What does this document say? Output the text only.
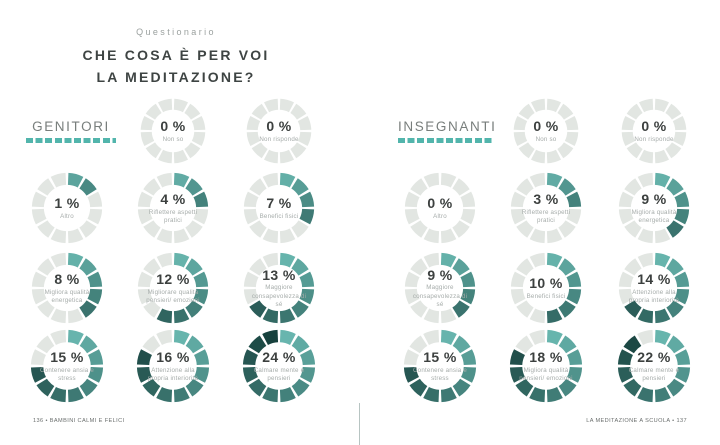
Questionario
CHE COSA È PER VOI
LA MEDITAZIONE?
GENITORI	INSEGNANTI
0 %
Non so
0 %
Non risponde
1 %
Altro
4 %
Riflettere aspetti pratici
7 %
Benefici fisici
8 %
Migliora qualità energetica
12 %
Migliorare qualità pensieri/ emozioni
13 %
Maggiore consapevolezza di sé
15 %
Contenere ansia e stress
16 %
Attenzione alla propria interiorità
24 %
Calmare mente e pensieri
0 %
Non so
0 %
Non risponde
0 %
Altro
3 %
Riflettere aspetti pratici
9 %
Migliora qualità energetica
9 %
Maggiore consapevolezza di sé
10 %
Benefici fisici
14 %
Attenzione alla propria interiorità
15 %
Contenere ansia e stress
18 %
Migliora qualità pensieri/ emozioni
22 %
Calmare mente e pensieri
136 • BAMBINI CALMI E FELICI	LA MEDITAZIONE A SCUOLA • 137
